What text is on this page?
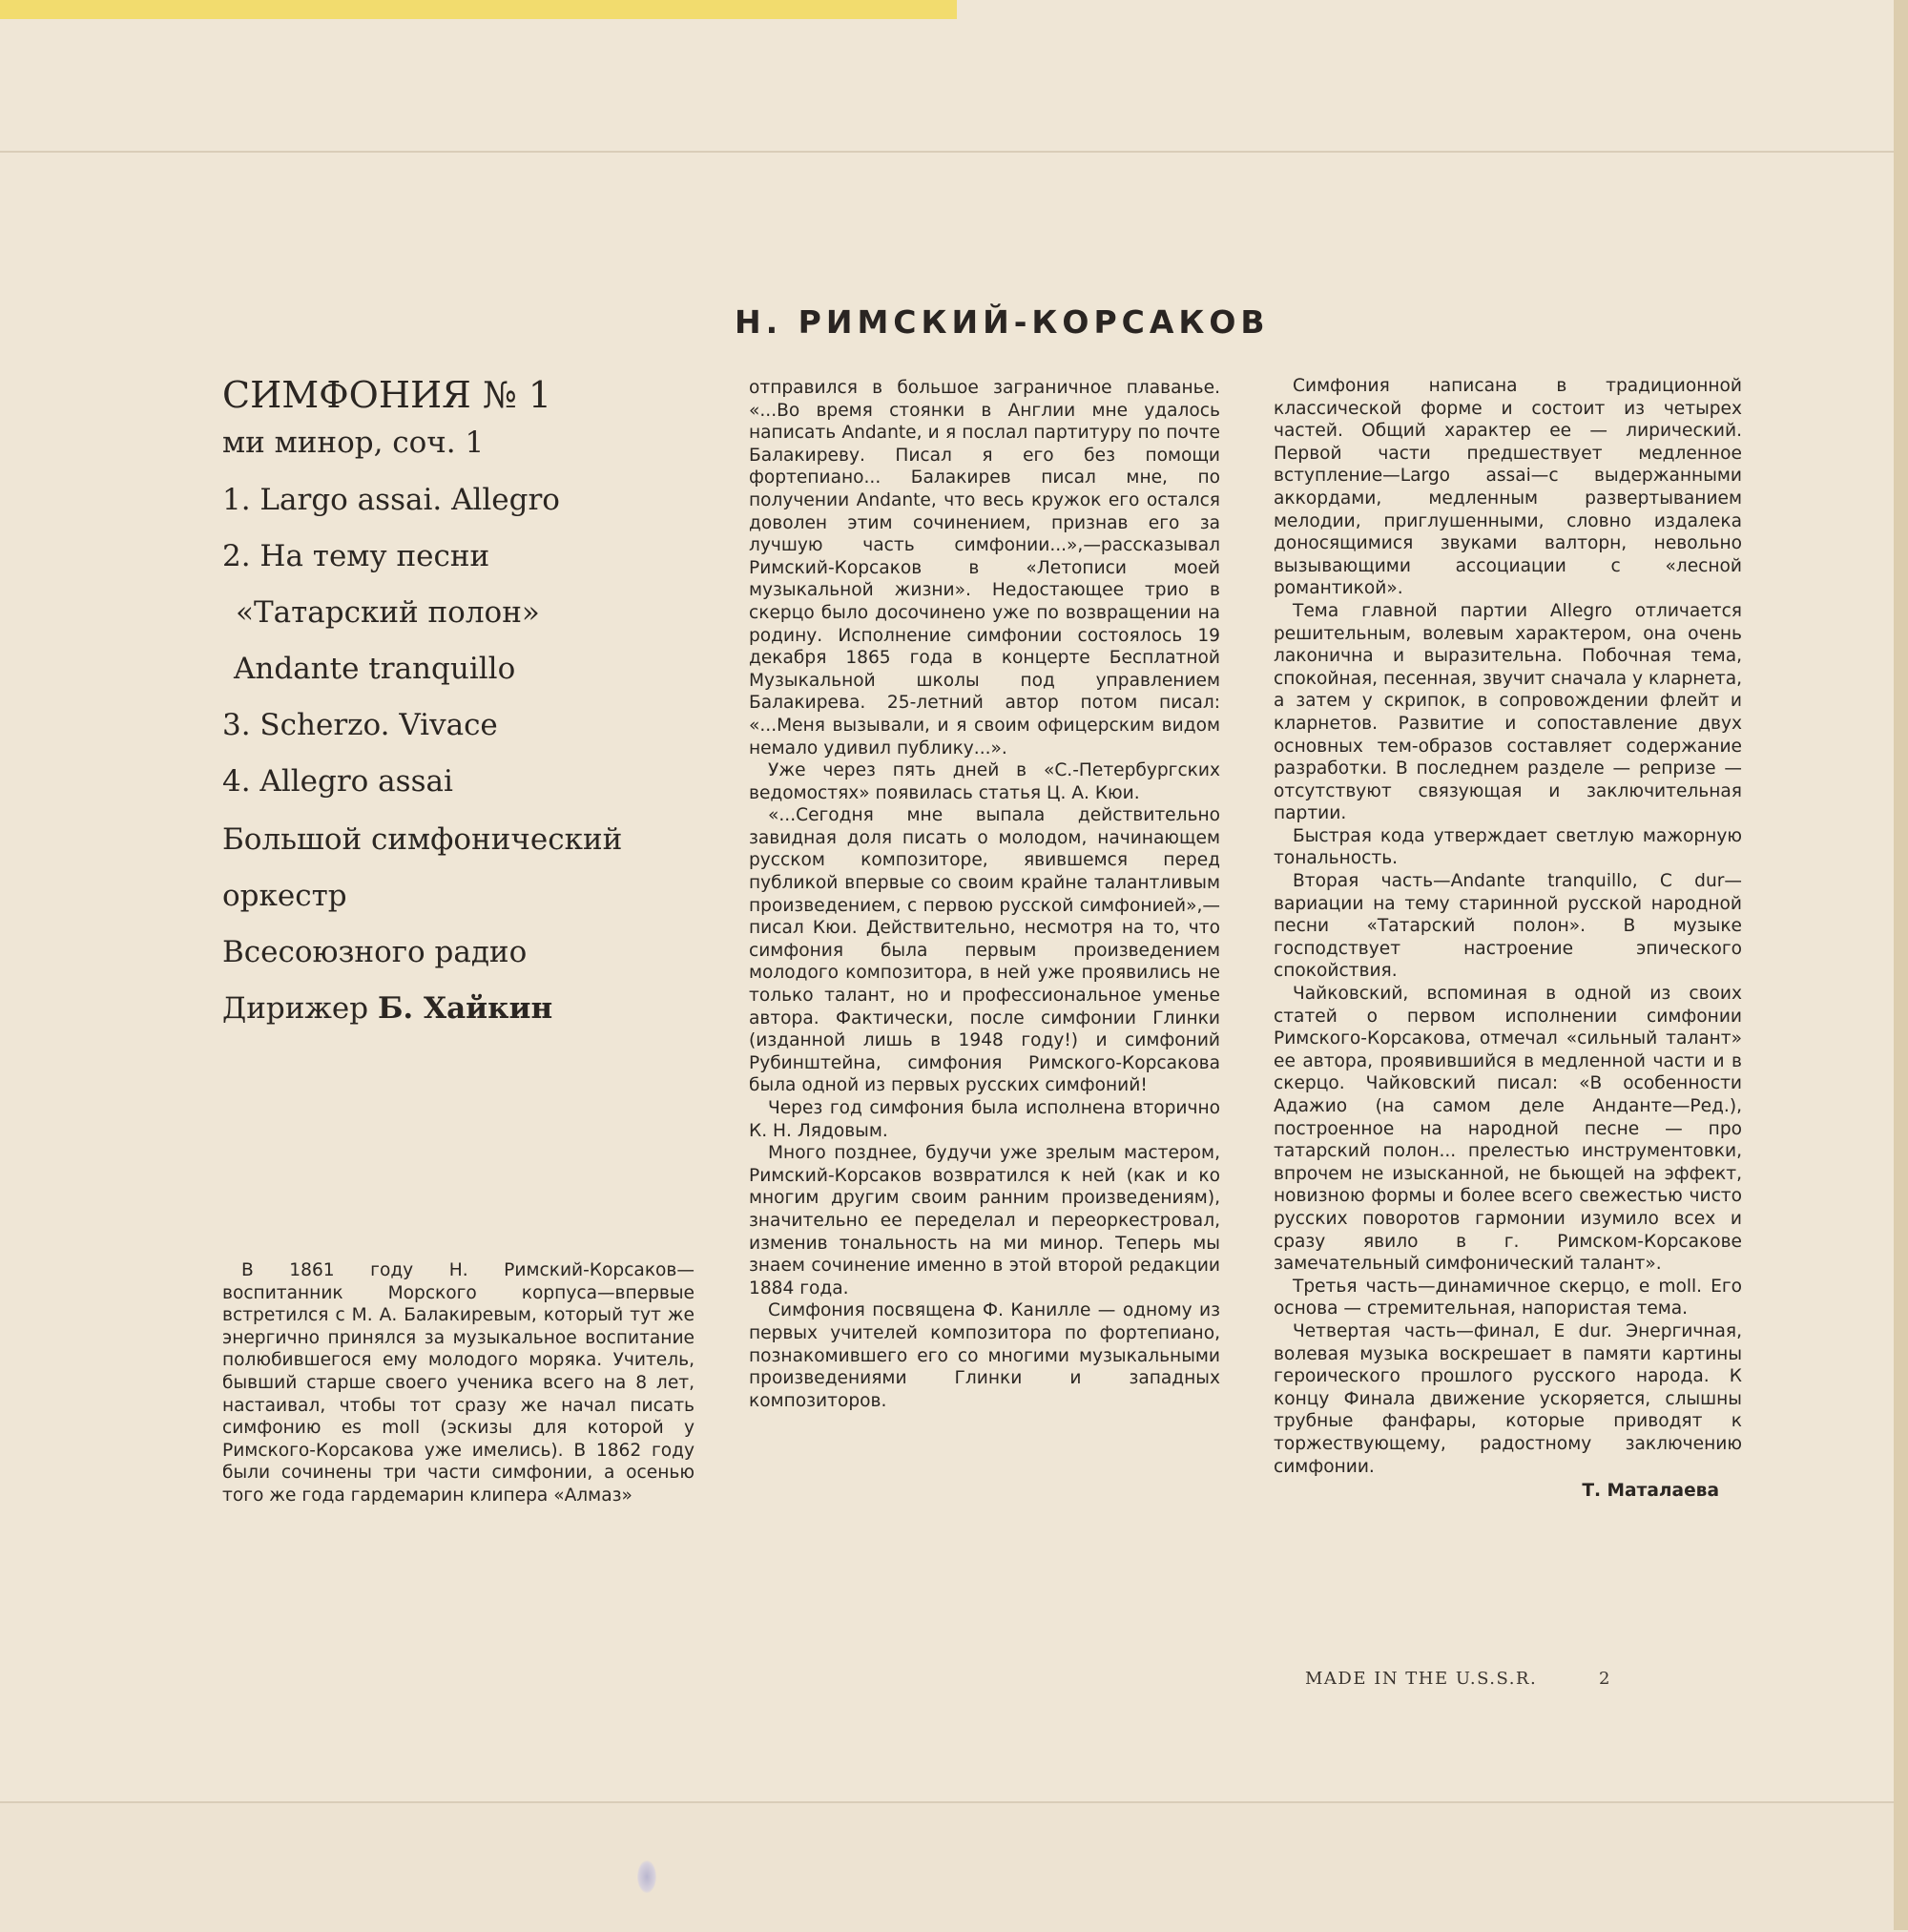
Н. РИМСКИЙ-КОРСАКОВ
СИМФОНИЯ № 1
ми минор, соч. 1
1. Largo assai. Allegro
2. На тему песни
«Татарский полон»
Andante tranquillo
3. Scherzo. Vivace
4. Allegro assai
Большой симфонический
оркестр
Всесоюзного радио
Дирижер Б. Хайкин

В 1861 году Н. Римский-Корсаков—воспитанник Морского корпуса—впервые встретился с М. А. Балакиревым, который тут же энергично принялся за музыкальное воспитание полюбившегося ему молодого моряка. Учитель, бывший старше своего ученика всего на 8 лет, настаивал, чтобы тот сразу же начал писать симфонию es moll (эскизы для которой у Римского-Корсакова уже имелись). В 1862 году были сочинены три части симфонии, а осенью того же года гардемарин клипера «Алмаз»

отправился в большое заграничное плаванье. «...Во время стоянки в Англии мне удалось написать Andante, и я послал партитуру по почте Балакиреву. Писал я его без помощи фортепиано... Балакирев писал мне, по получении Andante, что весь кружок его остался доволен этим сочинением, признав его за лучшую часть симфонии...»,—рассказывал Римский-Корсаков в «Летописи моей музыкальной жизни». Недостающее трио в скерцо было досочинено уже по возвращении на родину. Исполнение симфонии состоялось 19 декабря 1865 года в концерте Бесплатной Музыкальной школы под управлением Балакирева. 25-летний автор потом писал: «...Меня вызывали, и я своим офицерским видом немало удивил публику...».

Уже через пять дней в «С.-Петербургских ведомостях» появилась статья Ц. А. Кюи.

«...Сегодня мне выпала действительно завидная доля писать о молодом, начинающем русском композиторе, явившемся перед публикой впервые со своим крайне талантливым произведением, с первою русской симфонией»,—писал Кюи. Действительно, несмотря на то, что симфония была первым произведением молодого композитора, в ней уже проявились не только талант, но и профессиональное уменье автора. Фактически, после симфонии Глинки (изданной лишь в 1948 году!) и симфоний Рубинштейна, симфония Римского-Корсакова была одной из первых русских симфоний!

Через год симфония была исполнена вторично К. Н. Лядовым.

Много позднее, будучи уже зрелым мастером, Римский-Корсаков возвратился к ней (как и ко многим другим своим ранним произведениям), значительно ее переделал и переоркестровал, изменив тональность на ми минор. Теперь мы знаем сочинение именно в этой второй редакции 1884 года.

Симфония посвящена Ф. Канилле — одному из первых учителей композитора по фортепиано, познакомившего его со многими музыкальными произведениями Глинки и западных композиторов.

Симфония написана в традиционной классической форме и состоит из четырех частей. Общий характер ее — лирический. Первой части предшествует медленное вступление—Largo assai—с выдержанными аккордами, медленным развертыванием мелодии, приглушенными, словно издалека доносящимися звуками валторн, невольно вызывающими ассоциации с «лесной романтикой».

Тема главной партии Allegro отличается решительным, волевым характером, она очень лаконична и выразительна. Побочная тема, спокойная, песенная, звучит сначала у кларнета, а затем у скрипок, в сопровождении флейт и кларнетов. Развитие и сопоставление двух основных тем-образов составляет содержание разработки. В последнем разделе — репризе — отсутствуют связующая и заключительная партии.

Быстрая кода утверждает светлую мажорную тональность.

Вторая часть—Andante tranquillo, C dur—вариации на тему старинной русской народной песни «Татарский полон». В музыке господствует настроение эпического спокойствия.

Чайковский, вспоминая в одной из своих статей о первом исполнении симфонии Римского-Корсакова, отмечал «сильный талант» ее автора, проявившийся в медленной части и в скерцо. Чайковский писал: «В особенности Адажио (на самом деле Анданте—Ред.), построенное на народной песне — про татарский полон... прелестью инструментовки, впрочем не изысканной, не бьющей на эффект, новизною формы и более всего свежестью чисто русских поворотов гармонии изумило всех и сразу явило в г. Римском-Корсакове замечательный симфонический талант».

Третья часть—динамичное скерцо, e moll. Его основа — стремительная, напористая тема.

Четвертая часть—финал, E dur. Энергичная, волевая музыка воскрешает в памяти картины героического прошлого русского народа. К концу Финала движение ускоряется, слышны трубные фанфары, которые приводят к торжествующему, радостному заключению симфонии.

Т. Маталаева
MADE IN THE U.S.S.R.	2
